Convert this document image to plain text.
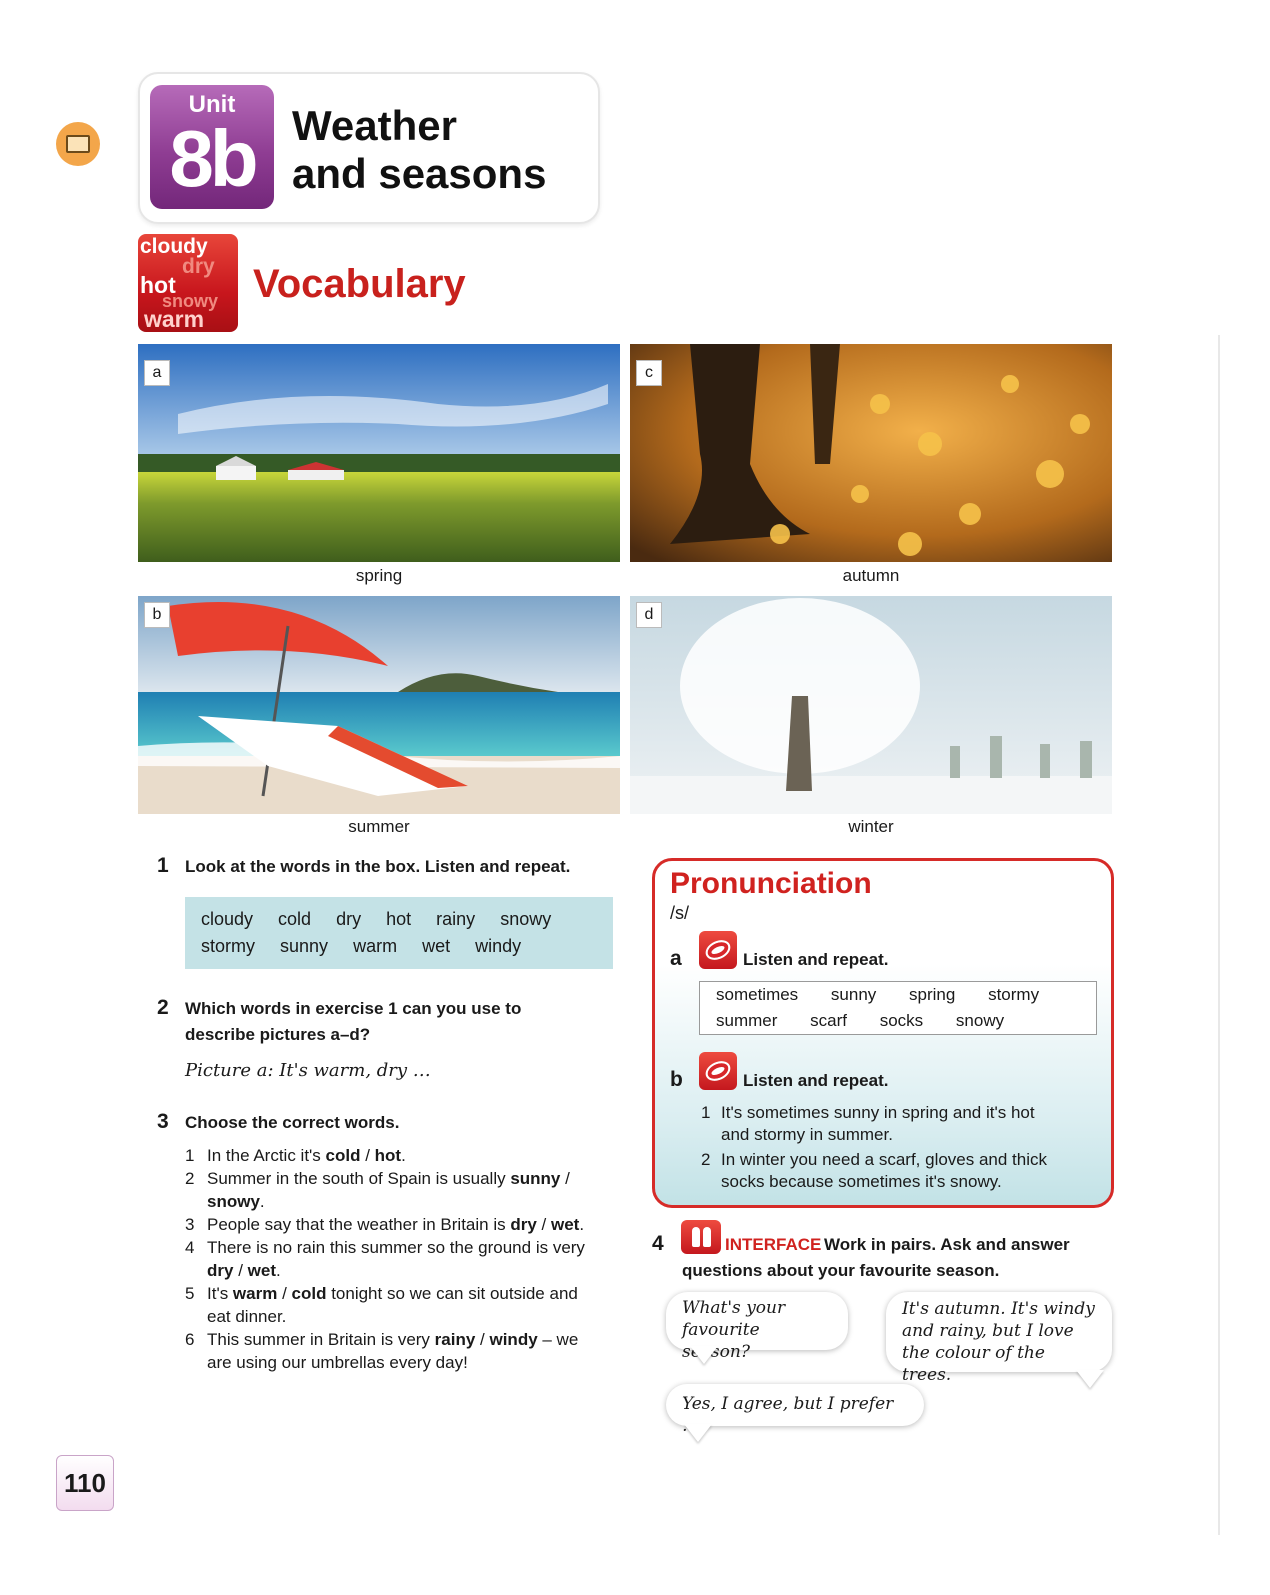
Unit
8b Weather
and seasons
cloudy
dry
hot
snowy
warm
Vocabulary
a
spring
c
autumn
b
summer
d
winter
1 Look at the words in the box. Listen and repeat.
cloudy cold dry hot rainy snowy
stormy sunny warm wet windy
2 Which words in exercise 1 can you use to
describe pictures a–d?
Picture a: It's warm, dry …
3 Choose the correct words.
1 In the Arctic it's cold / hot.
2 Summer in the south of Spain is usually sunny / snowy.
3 People say that the weather in Britain is dry / wet.
4 There is no rain this summer so the ground is very dry / wet.
5 It's warm / cold tonight so we can sit outside and eat dinner.
6 This summer in Britain is very rainy / windy – we are using our umbrellas every day!
Pronunciation
/s/
a	Listen and repeat.
sometimes sunny spring stormy
summer scarf socks snowy
b	Listen and repeat.
1 It's sometimes sunny in spring and it's hot
and stormy in summer.
2 In winter you need a scarf, gloves and thick
socks because sometimes it's snowy.
4	INTERFACE Work in pairs. Ask and answer
questions about your favourite season.
What's your
favourite season?
It's autumn. It's windy
and rainy, but I love
the colour of the trees.
Yes, I agree, but I prefer …
110
